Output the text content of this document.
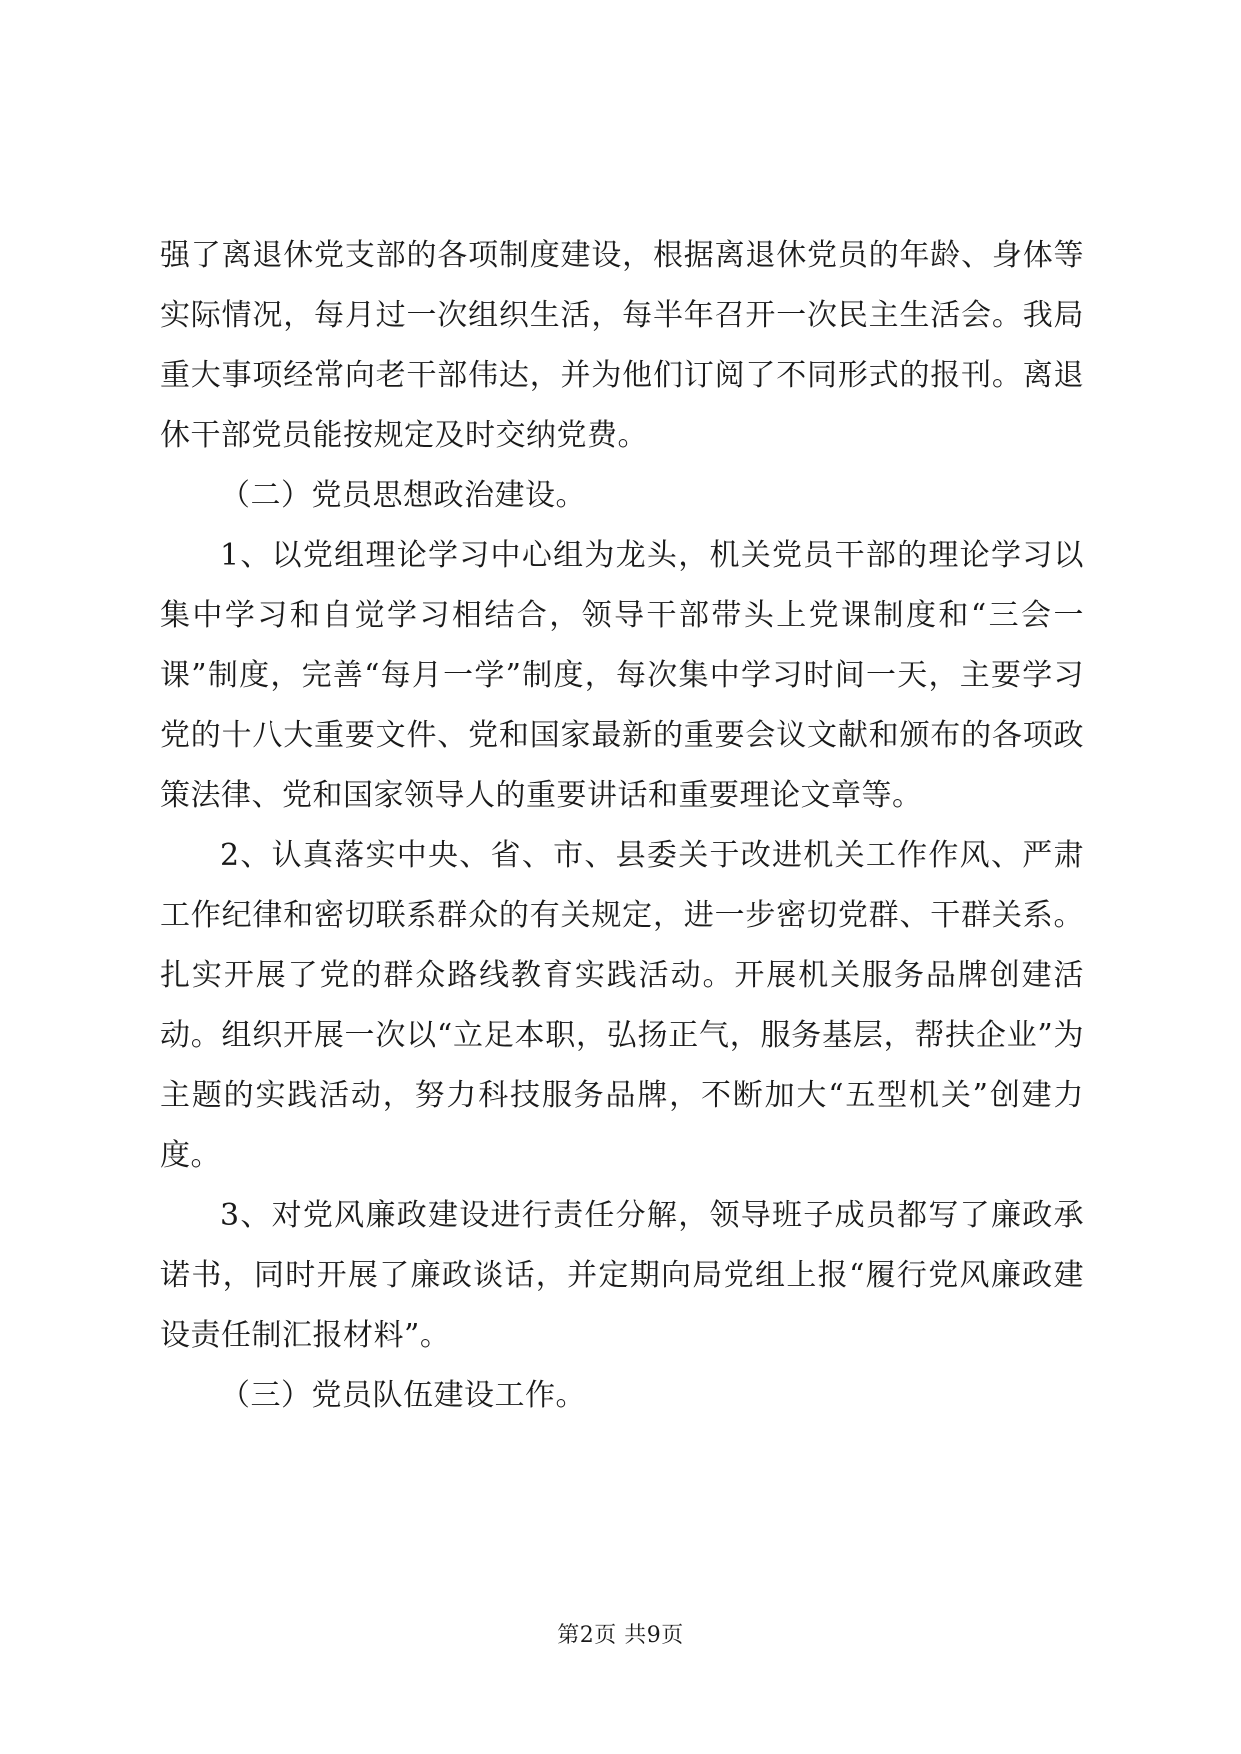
强了离退休党支部的各项制度建设，根据离退休党员的年龄、身体等实际情况，每月过一次组织生活，每半年召开一次民主生活会。我局重大事项经常向老干部伟达，并为他们订阅了不同形式的报刊。离退休干部党员能按规定及时交纳党费。

（二）党员思想政治建设。

1、以党组理论学习中心组为龙头，机关党员干部的理论学习以集中学习和自觉学习相结合，领导干部带头上党课制度和“三会一课”制度，完善“每月一学”制度，每次集中学习时间一天，主要学习党的十八大重要文件、党和国家最新的重要会议文献和颁布的各项政策法律、党和国家领导人的重要讲话和重要理论文章等。

2、认真落实中央、省、市、县委关于改进机关工作作风、严肃工作纪律和密切联系群众的有关规定，进一步密切党群、干群关系。扎实开展了党的群众路线教育实践活动。开展机关服务品牌创建活动。组织开展一次以“立足本职，弘扬正气，服务基层，帮扶企业”为主题的实践活动，努力科技服务品牌，不断加大“五型机关”创建力度。

3、对党风廉政建设进行责任分解，领导班子成员都写了廉政承诺书，同时开展了廉政谈话，并定期向局党组上报“履行党风廉政建设责任制汇报材料”。

（三）党员队伍建设工作。

第2页 共9页
